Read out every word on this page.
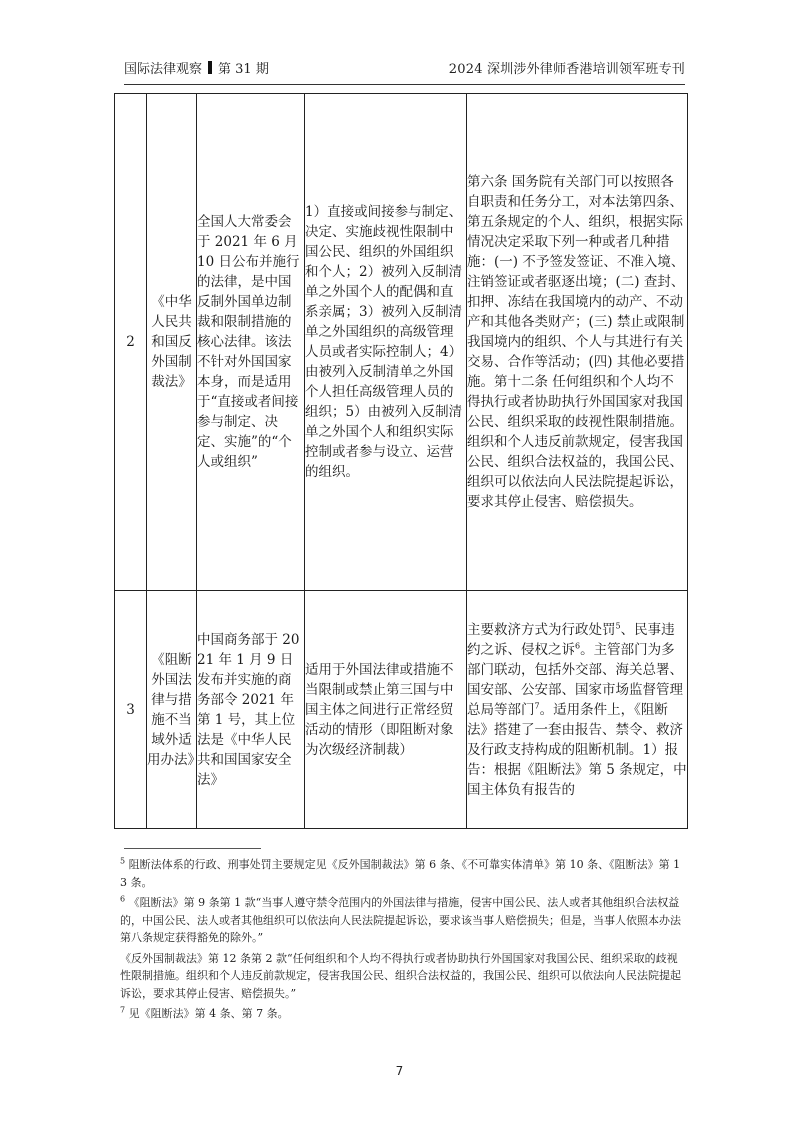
国际法律观察 第 31 期	2024 深圳涉外律师香港培训领军班专刊
2	《中华人民共和国反外国制裁法》	全国人大常委会于 2021 年 6 月 10 日公布并施行的法律，是中国反制外国单边制裁和限制措施的核心法律。该法不针对外国国家本身，而是适用于“直接或者间接参与制定、决定、实施”的“个人或组织”	1）直接或间接参与制定、决定、实施歧视性限制中国公民、组织的外国组织和个人；2）被列入反制清单之外国个人的配偶和直系亲属；3）被列入反制清单之外国组织的高级管理人员或者实际控制人；4）由被列入反制清单之外国个人担任高级管理人员的组织；5）由被列入反制清单之外国个人和组织实际控制或者参与设立、运营的组织。	第六条 国务院有关部门可以按照各自职责和任务分工，对本法第四条、第五条规定的个人、组织，根据实际情况决定采取下列一种或者几种措施：(一) 不予签发签证、不准入境、注销签证或者驱逐出境；(二) 查封、扣押、冻结在我国境内的动产、不动产和其他各类财产；(三) 禁止或限制我国境内的组织、个人与其进行有关交易、合作等活动；(四) 其他必要措施。第十二条 任何组织和个人均不得执行或者协助执行外国国家对我国公民、组织采取的歧视性限制措施。组织和个人违反前款规定，侵害我国公民、组织合法权益的，我国公民、组织可以依法向人民法院提起诉讼，要求其停止侵害、赔偿损失。

3	《阻断外国法律与措施不当域外适用办法》	中国商务部于 2021 年 1 月 9 日发布并实施的商务部令 2021 年第 1 号，其上位法是《中华人民共和国国家安全法》	适用于外国法律或措施不当限制或禁止第三国与中国主体之间进行正常经贸活动的情形（即阻断对象为次级经济制裁）	主要救济方式为行政处罚$^5$、民事违约之诉、侵权之诉$^6$。主管部门为多部门联动，包括外交部、海关总署、国安部、公安部、国家市场监督管理总局等部门$^7$。适用条件上，《阻断法》搭建了一套由报告、禁令、救济及行政支持构成的阻断机制。1）报告：根据《阻断法》第 5 条规定，中国主体负有报告的

$^5$ 阻断法体系的行政、刑事处罚主要规定见《反外国制裁法》第 6 条、《不可靠实体清单》第 10 条、《阻断法》第 13 条。

$^6$ 《阻断法》第 9 条第 1 款“当事人遵守禁令范围内的外国法律与措施，侵害中国公民、法人或者其他组织合法权益的，中国公民、法人或者其他组织可以依法向人民法院提起诉讼，要求该当事人赔偿损失；但是，当事人依照本办法第八条规定获得豁免的除外。”

《反外国制裁法》第 12 条第 2 款“任何组织和个人均不得执行或者协助执行外国国家对我国公民、组织采取的歧视性限制措施。组织和个人违反前款规定，侵害我国公民、组织合法权益的，我国公民、组织可以依法向人民法院提起诉讼，要求其停止侵害、赔偿损失。”

$^7$ 见《阻断法》第 4 条、第 7 条。

7
